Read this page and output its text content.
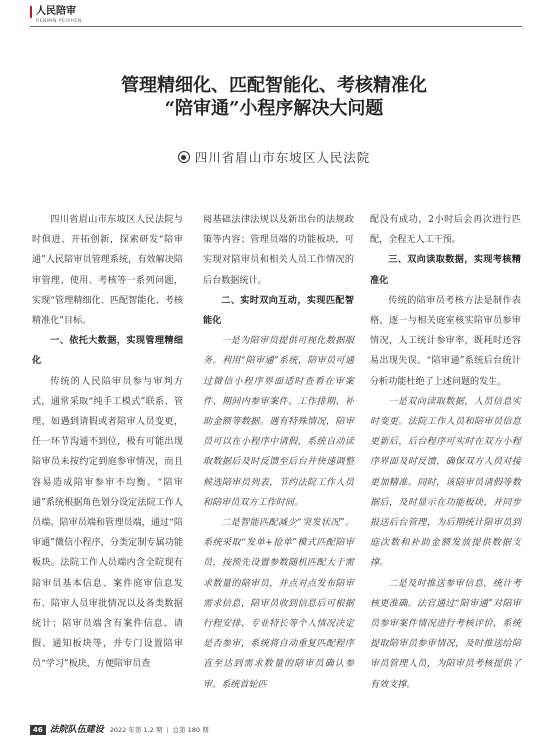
人民陪审
RENMIN PEISHEN
管理精细化、匹配智能化、考核精准化
“陪审通”小程序解决大问题
四川省眉山市东坡区人民法院

四川省眉山市东坡区人民法院与时俱进、开拓创新，探索研发“陪审通”人民陪审员管理系统，有效解决陪审管理、使用、考核等一系列问题，实现“管理精细化、匹配智能化、考核精准化”目标。

一、依托大数据，实现管理精细化

传统的人民陪审员参与审判方式，通常采取“纯手工模式”联系、管理，如遇到请假或者陪审人员变更，任一环节沟通不到位，极有可能出现陪审员未按约定到庭参审情况，而且容易造成陪审参审不均衡。“陪审通”系统根据角色划分设定法院工作人员端、陪审员端和管理员端，通过“陪审通”微信小程序，分类定制专属功能板块。法院工作人员端内含全院现有陪审员基本信息、案件庭审信息发布、陪审人员审批情况以及各类数据统计；陪审员端含有案件信息、请假、通知板块等，并专门设置陪审员“学习”板块，方便陪审员查

阅基础法律法规以及新出台的法规政策等内容；管理员端的功能板块，可实现对陪审员和相关人员工作情况的后台数据统计。

二、实时双向互动，实现匹配智能化

一是为陪审员提供可视化数据服务。利用“陪审通”系统，陪审员可通过微信小程序界面适时查看在审案件、期间内参审案件、工作排期、补助金额等数据。遇有特殊情况，陪审员可以在小程序中请假，系统自动读取数据后及时反馈至后台并快速调整候选陪审员列表，节约法院工作人员和陪审员双方工作时间。

二是智能匹配减少“突发状况”。系统采取“发单+抢单”模式匹配陪审员，按预先设置参数随机匹配大于需求数量的陪审员，并点对点发布陪审需求信息，陪审员收到信息后可根据行程安排、专业特长等个人情况决定是否参审，系统将自动重复匹配程序直至达到需求数量的陪审员确认参审。系统首轮匹

配没有成功，2小时后会再次进行匹配，全程无人工干预。

三、双向读取数据，实现考核精准化

传统的陪审员考核方法是制作表格，逐一与相关庭室核实陪审员参审情况，人工统计参审率，既耗时还容易出现失误。“陪审通”系统后台统计分析功能杜绝了上述问题的发生。

一是双向读取数据，人员信息实时变更。法院工作人员和陪审员信息更新后，后台程序可实时在双方小程序界面及时反馈，确保双方人员对接更加精准。同时，该陪审员请假等数据后，及时显示在功能板块，并同步报送后台管理，为后期统计陪审员到庭次数和补助金额发放提供数据支撑。

二是及时推送参审信息，统计考核更准确。法官通过“陪审通”对陪审员参审案件情况进行考核评价，系统提取陪审员参审情况，及时推送给陪审员管理人员，为陪审员考核提供了有效支撑。

46 法院队伍建设 2022 年第 1.2 期 | 总第 180 期
